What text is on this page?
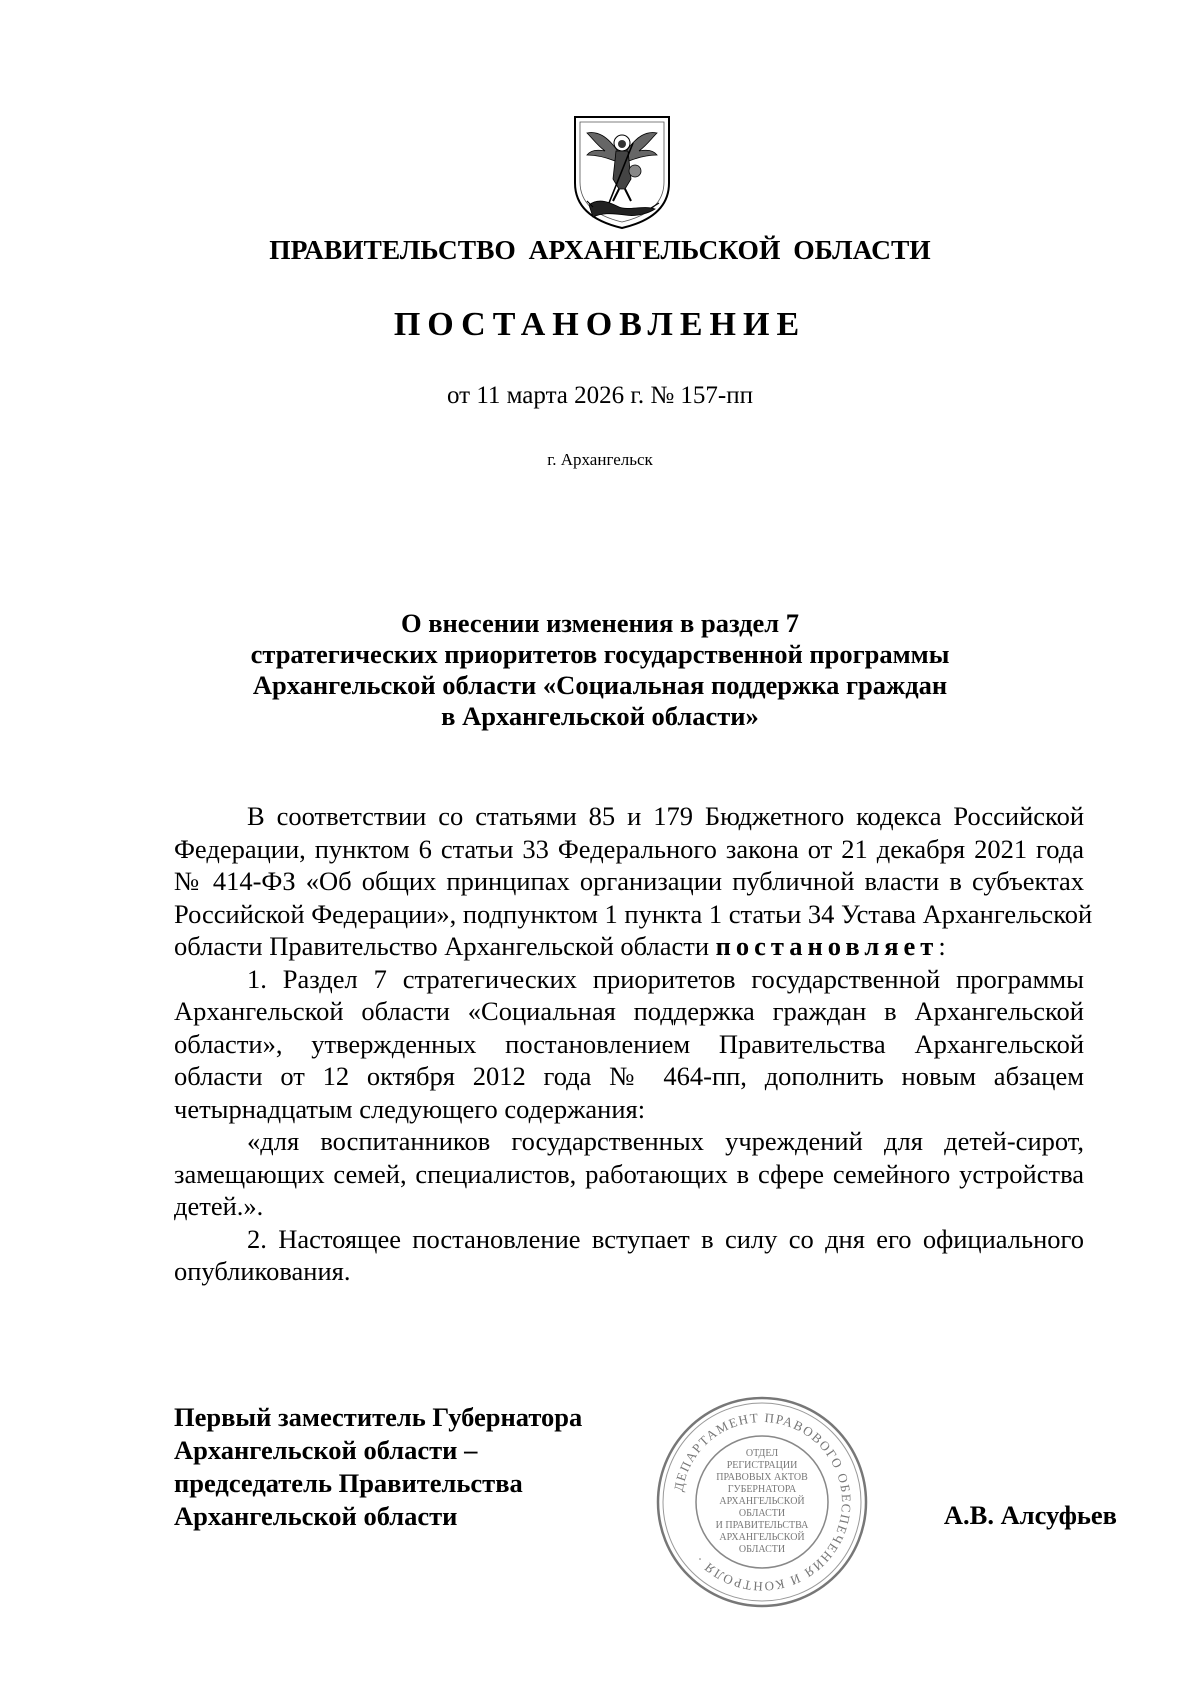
ПРАВИТЕЛЬСТВО АРХАНГЕЛЬСКОЙ ОБЛАСТИ
ПОСТАНОВЛЕНИЕ
от 11 марта 2026 г. № 157-пп
г. Архангельск
О внесении изменения в раздел 7
стратегических приоритетов государственной программы
Архангельской области «Социальная поддержка граждан
в Архангельской области»
В соответствии со статьями 85 и 179 Бюджетного кодекса Российской
Федерации, пунктом 6 статьи 33 Федерального закона от 21 декабря 2021 года
№ 414-ФЗ «Об общих принципах организации публичной власти в субъектах
Российской Федерации», подпунктом 1 пункта 1 статьи 34 Устава Архангельской
области Правительство Архангельской области постановляет:
1. Раздел 7 стратегических приоритетов государственной программы
Архангельской области «Социальная поддержка граждан в Архангельской
области», утвержденных постановлением Правительства Архангельской
области от 12 октября 2012 года № 464-пп, дополнить новым абзацем
четырнадцатым следующего содержания:
«для воспитанников государственных учреждений для детей-сирот,
замещающих семей, специалистов, работающих в сфере семейного устройства
детей.».
2. Настоящее постановление вступает в силу со дня его официального
опубликования.
Первый заместитель Губернатора
Архангельской области –
председатель Правительства
Архангельской области
ДЕПАРТАМЕНТ ПРАВОВОГО ОБЕСПЕЧЕНИЯ И КОНТРОЛЯ ·
ОТДЕЛ
РЕГИСТРАЦИИ
ПРАВОВЫХ АКТОВ
ГУБЕРНАТОРА
АРХАНГЕЛЬСКОЙ
ОБЛАСТИ
И ПРАВИТЕЛЬСТВА
АРХАНГЕЛЬСКОЙ
ОБЛАСТИ
А.В. Алсуфьев
